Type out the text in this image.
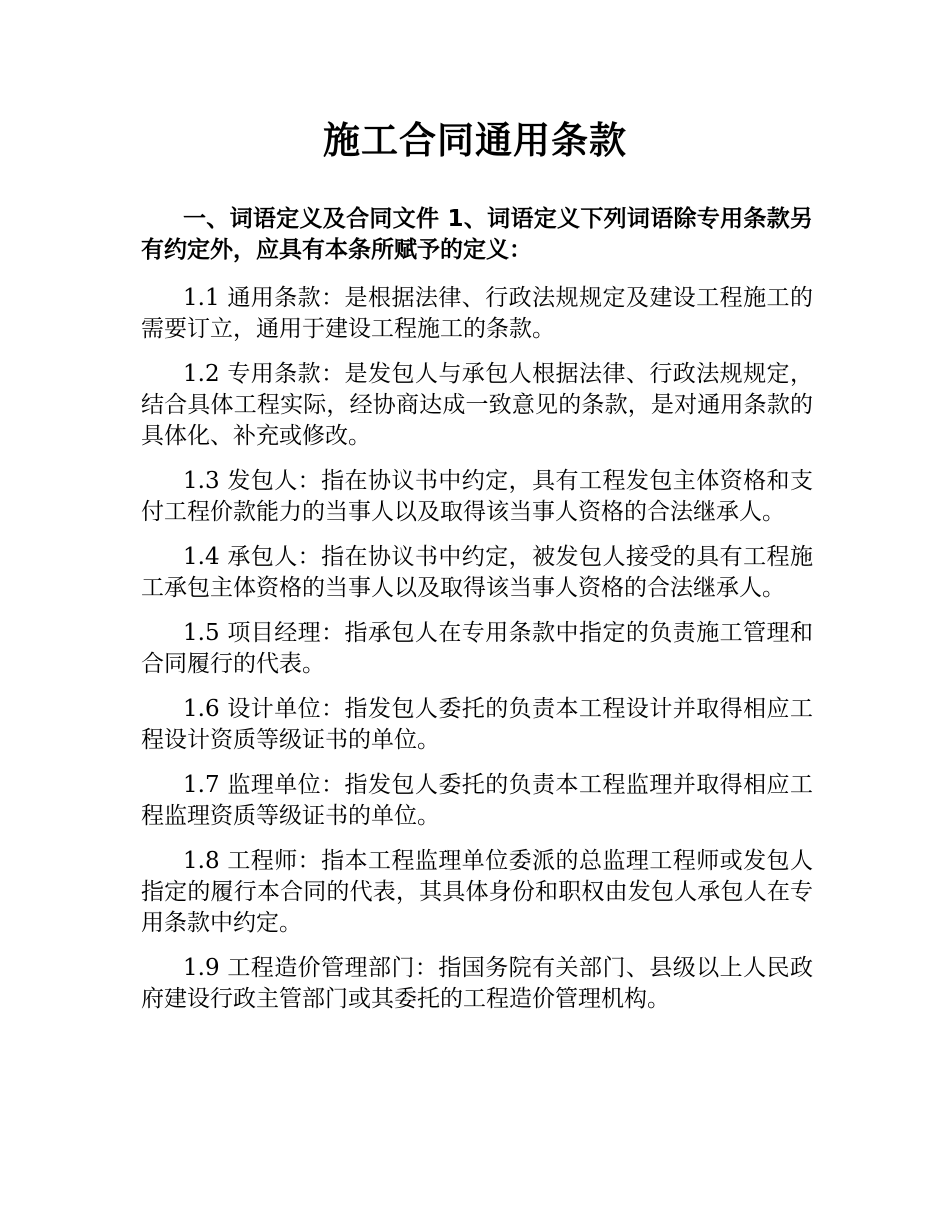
施工合同通用条款

一、词语定义及合同文件 1、词语定义下列词语除专用条款另有约定外，应具有本条所赋予的定义：

1.1 通用条款：是根据法律、行政法规规定及建设工程施工的需要订立，通用于建设工程施工的条款。

1.2 专用条款：是发包人与承包人根据法律、行政法规规定，结合具体工程实际，经协商达成一致意见的条款，是对通用条款的具体化、补充或修改。

1.3 发包人：指在协议书中约定，具有工程发包主体资格和支付工程价款能力的当事人以及取得该当事人资格的合法继承人。

1.4 承包人：指在协议书中约定，被发包人接受的具有工程施工承包主体资格的当事人以及取得该当事人资格的合法继承人。

1.5 项目经理：指承包人在专用条款中指定的负责施工管理和合同履行的代表。

1.6 设计单位：指发包人委托的负责本工程设计并取得相应工程设计资质等级证书的单位。

1.7 监理单位：指发包人委托的负责本工程监理并取得相应工程监理资质等级证书的单位。

1.8 工程师：指本工程监理单位委派的总监理工程师或发包人指定的履行本合同的代表，其具体身份和职权由发包人承包人在专用条款中约定。

1.9 工程造价管理部门：指国务院有关部门、县级以上人民政府建设行政主管部门或其委托的工程造价管理机构。
